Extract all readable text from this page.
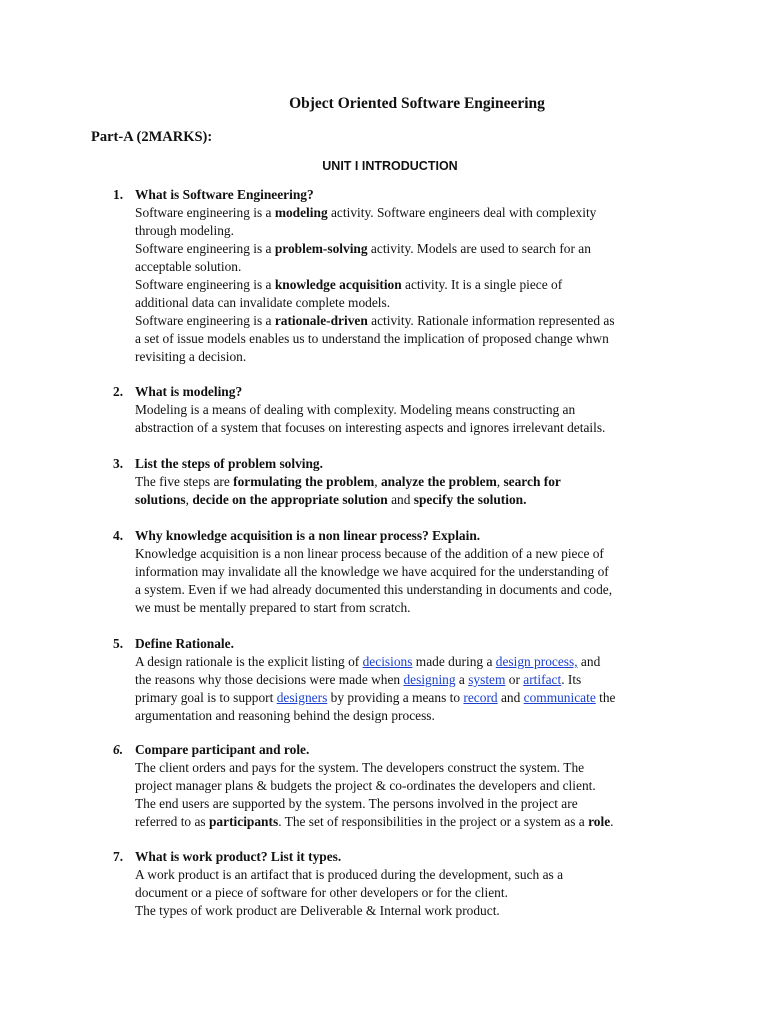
Object Oriented Software Engineering
Part-A (2MARKS):
UNIT I INTRODUCTION
1. What is Software Engineering?
Software engineering is a modeling activity. Software engineers deal with complexity
through modeling.
Software engineering is a problem-solving activity. Models are used to search for an
acceptable solution.
Software engineering is a knowledge acquisition activity. It is a single piece of
additional data can invalidate complete models.
Software engineering is a rationale-driven activity. Rationale information represented as
a set of issue models enables us to understand the implication of proposed change whwn
revisiting a decision.
2. What is modeling?
Modeling is a means of dealing with complexity. Modeling means constructing an
abstraction of a system that focuses on interesting aspects and ignores irrelevant details.
3. List the steps of problem solving.
The five steps are formulating the problem, analyze the problem, search for
solutions, decide on the appropriate solution and specify the solution.
4. Why knowledge acquisition is a non linear process? Explain.
Knowledge acquisition is a non linear process because of the addition of a new piece of
information may invalidate all the knowledge we have acquired for the understanding of
a system. Even if we had already documented this understanding in documents and code,
we must be mentally prepared to start from scratch.
5. Define Rationale.
A design rationale is the explicit listing of decisions made during a design process, and
the reasons why those decisions were made when designing a system or artifact. Its
primary goal is to support designers by providing a means to record and communicate the
argumentation and reasoning behind the design process.
6. Compare participant and role.
The client orders and pays for the system. The developers construct the system. The
project manager plans & budgets the project & co-ordinates the developers and client.
The end users are supported by the system. The persons involved in the project are
referred to as participants. The set of responsibilities in the project or a system as a role.
7. What is work product? List it types.
A work product is an artifact that is produced during the development, such as a
document or a piece of software for other developers or for the client.
The types of work product are Deliverable & Internal work product.
